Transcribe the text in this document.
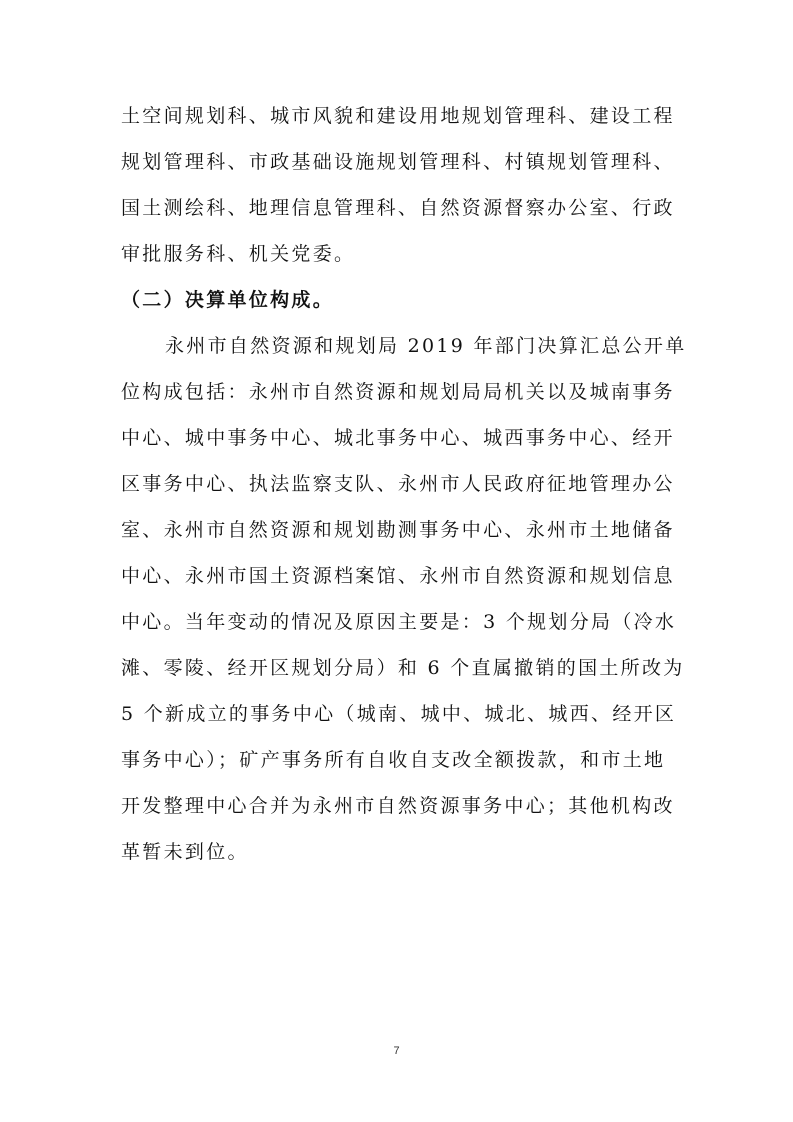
土空间规划科、城市风貌和建设用地规划管理科、建设工程
规划管理科、市政基础设施规划管理科、村镇规划管理科、
国土测绘科、地理信息管理科、自然资源督察办公室、行政
审批服务科、机关党委。
（二）决算单位构成。
永州市自然资源和规划局 2019 年部门决算汇总公开单
位构成包括：永州市自然资源和规划局局机关以及城南事务
中心、城中事务中心、城北事务中心、城西事务中心、经开
区事务中心、执法监察支队、永州市人民政府征地管理办公
室、永州市自然资源和规划勘测事务中心、永州市土地储备
中心、永州市国土资源档案馆、永州市自然资源和规划信息
中心。当年变动的情况及原因主要是：3 个规划分局（冷水
滩、零陵、经开区规划分局）和 6 个直属撤销的国土所改为
5 个新成立的事务中心（城南、城中、城北、城西、经开区
事务中心）；矿产事务所有自收自支改全额拨款，和市土地
开发整理中心合并为永州市自然资源事务中心；其他机构改
革暂未到位。
7
